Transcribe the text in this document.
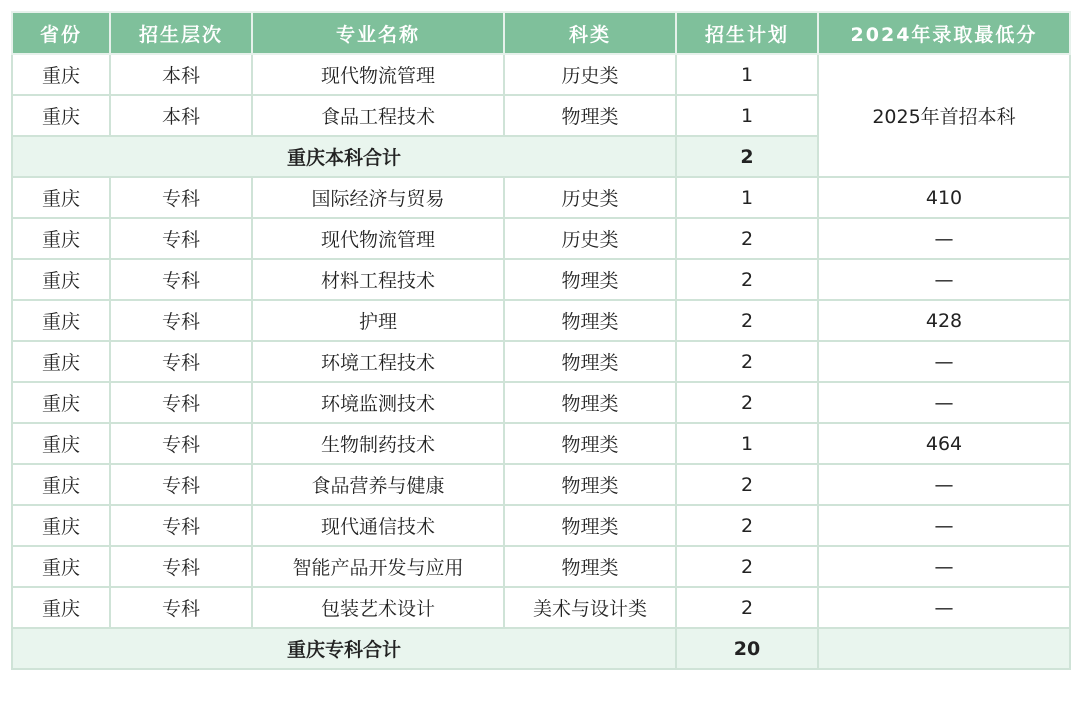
省份	招生层次	专业名称	科类	招生计划	2024年录取最低分
重庆	本科	现代物流管理	历史类	1	2025年首招本科
重庆	本科	食品工程技术	物理类	1	
重庆本科合计				2	
重庆	专科	国际经济与贸易	历史类	1	410
重庆	专科	现代物流管理	历史类	2	—
重庆	专科	材料工程技术	物理类	2	—
重庆	专科	护理	物理类	2	428
重庆	专科	环境工程技术	物理类	2	—
重庆	专科	环境监测技术	物理类	2	—
重庆	专科	生物制药技术	物理类	1	464
重庆	专科	食品营养与健康	物理类	2	—
重庆	专科	现代通信技术	物理类	2	—
重庆	专科	智能产品开发与应用	物理类	2	—
重庆	专科	包装艺术设计	美术与设计类	2	—
重庆专科合计				20	
